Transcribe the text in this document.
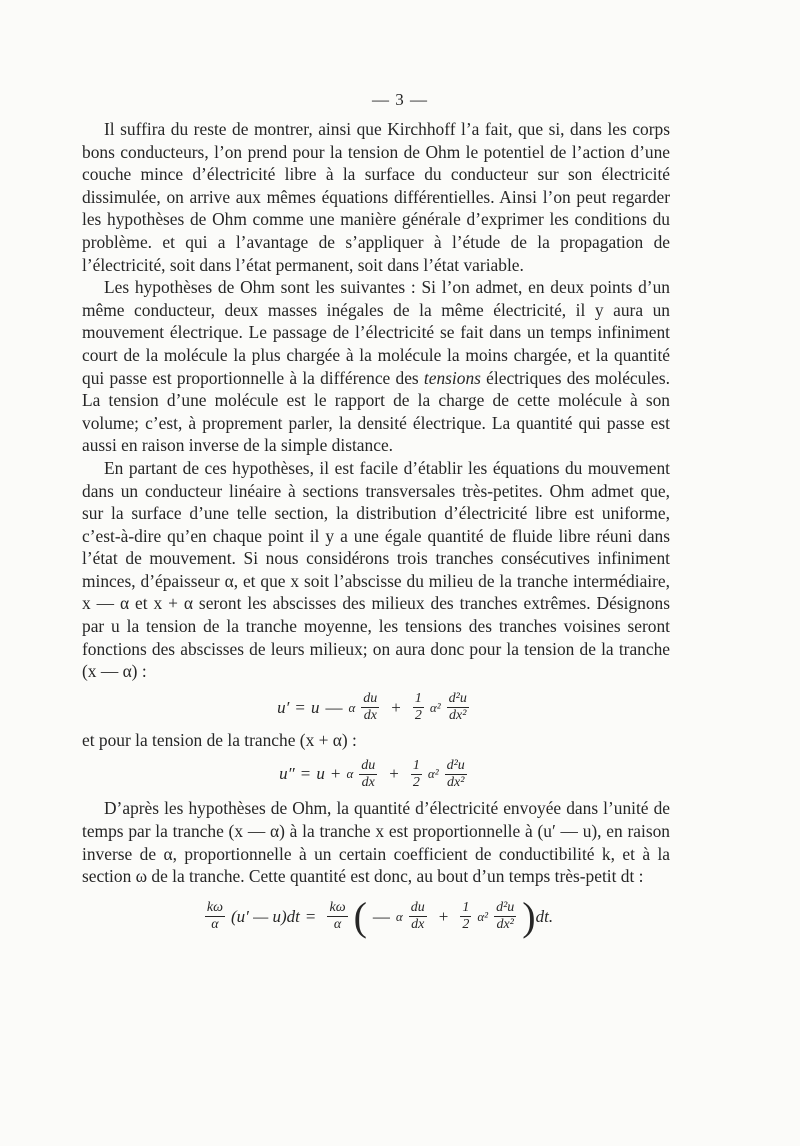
— 3 —

Il suffira du reste de montrer, ainsi que Kirchhoff l’a fait, que si, dans les corps bons conducteurs, l’on prend pour la tension de Ohm le potentiel de l’action d’une couche mince d’électricité libre à la surface du conducteur sur son électricité dissimulée, on arrive aux mêmes équations différentielles. Ainsi l’on peut regarder les hypothèses de Ohm comme une manière générale d’exprimer les conditions du problème. et qui a l’avantage de s’appliquer à l’étude de la propagation de l’électricité, soit dans l’état permanent, soit dans l’état variable.

Les hypothèses de Ohm sont les suivantes : Si l’on admet, en deux points d’un même conducteur, deux masses inégales de la même électricité, il y aura un mouvement électrique. Le passage de l’électricité se fait dans un temps infiniment court de la molécule la plus chargée à la molécule la moins chargée, et la quantité qui passe est proportionnelle à la différence des tensions électriques des molécules. La tension d’une molécule est le rapport de la charge de cette molécule à son volume; c’est, à proprement parler, la densité électrique. La quantité qui passe est aussi en raison inverse de la simple distance.

En partant de ces hypothèses, il est facile d’établir les équations du mouvement dans un conducteur linéaire à sections transversales très-petites. Ohm admet que, sur la surface d’une telle section, la distribution d’électricité libre est uniforme, c’est-à-dire qu’en chaque point il y a une égale quantité de fluide libre réuni dans l’état de mouvement. Si nous considérons trois tranches consécutives infiniment minces, d’épaisseur α, et que x soit l’abscisse du milieu de la tranche intermédiaire, x — α et x + α seront les abscisses des milieux des tranches extrêmes. Désignons par u la tension de la tranche moyenne, les tensions des tranches voisines seront fonctions des abscisses de leurs milieux; on aura donc pour la tension de la tranche (x — α) :

u′ = u — α $\frac{du}{dx} + \frac{1}{2} \alpha^2 \frac{\text{d²u}}{\text{dx²}}$

et pour la tension de la tranche (x + α) :

u″ = u + α $\frac{du}{dx} + \frac{1}{2} \alpha^2 \frac{\text{d²u}}{\text{dx²}}$

D’après les hypothèses de Ohm, la quantité d’électricité envoyée dans l’unité de temps par la tranche (x — α) à la tranche x est proportionnelle à (u′ — u), en raison inverse de α, proportionnelle à un certain coefficient de conductibilité k, et à la section ω de la tranche. Cette quantité est donc, au bout d’un temps très-petit dt :

$\frac{k\omega}{\alpha} (u'$ — $u)dt = \frac{k\omega}{\alpha}$ ( — α $\frac{du}{dx} + \frac{1}{2} \alpha^2 \frac{\text{d²u}}{\text{dx²}}$ ) dt.
